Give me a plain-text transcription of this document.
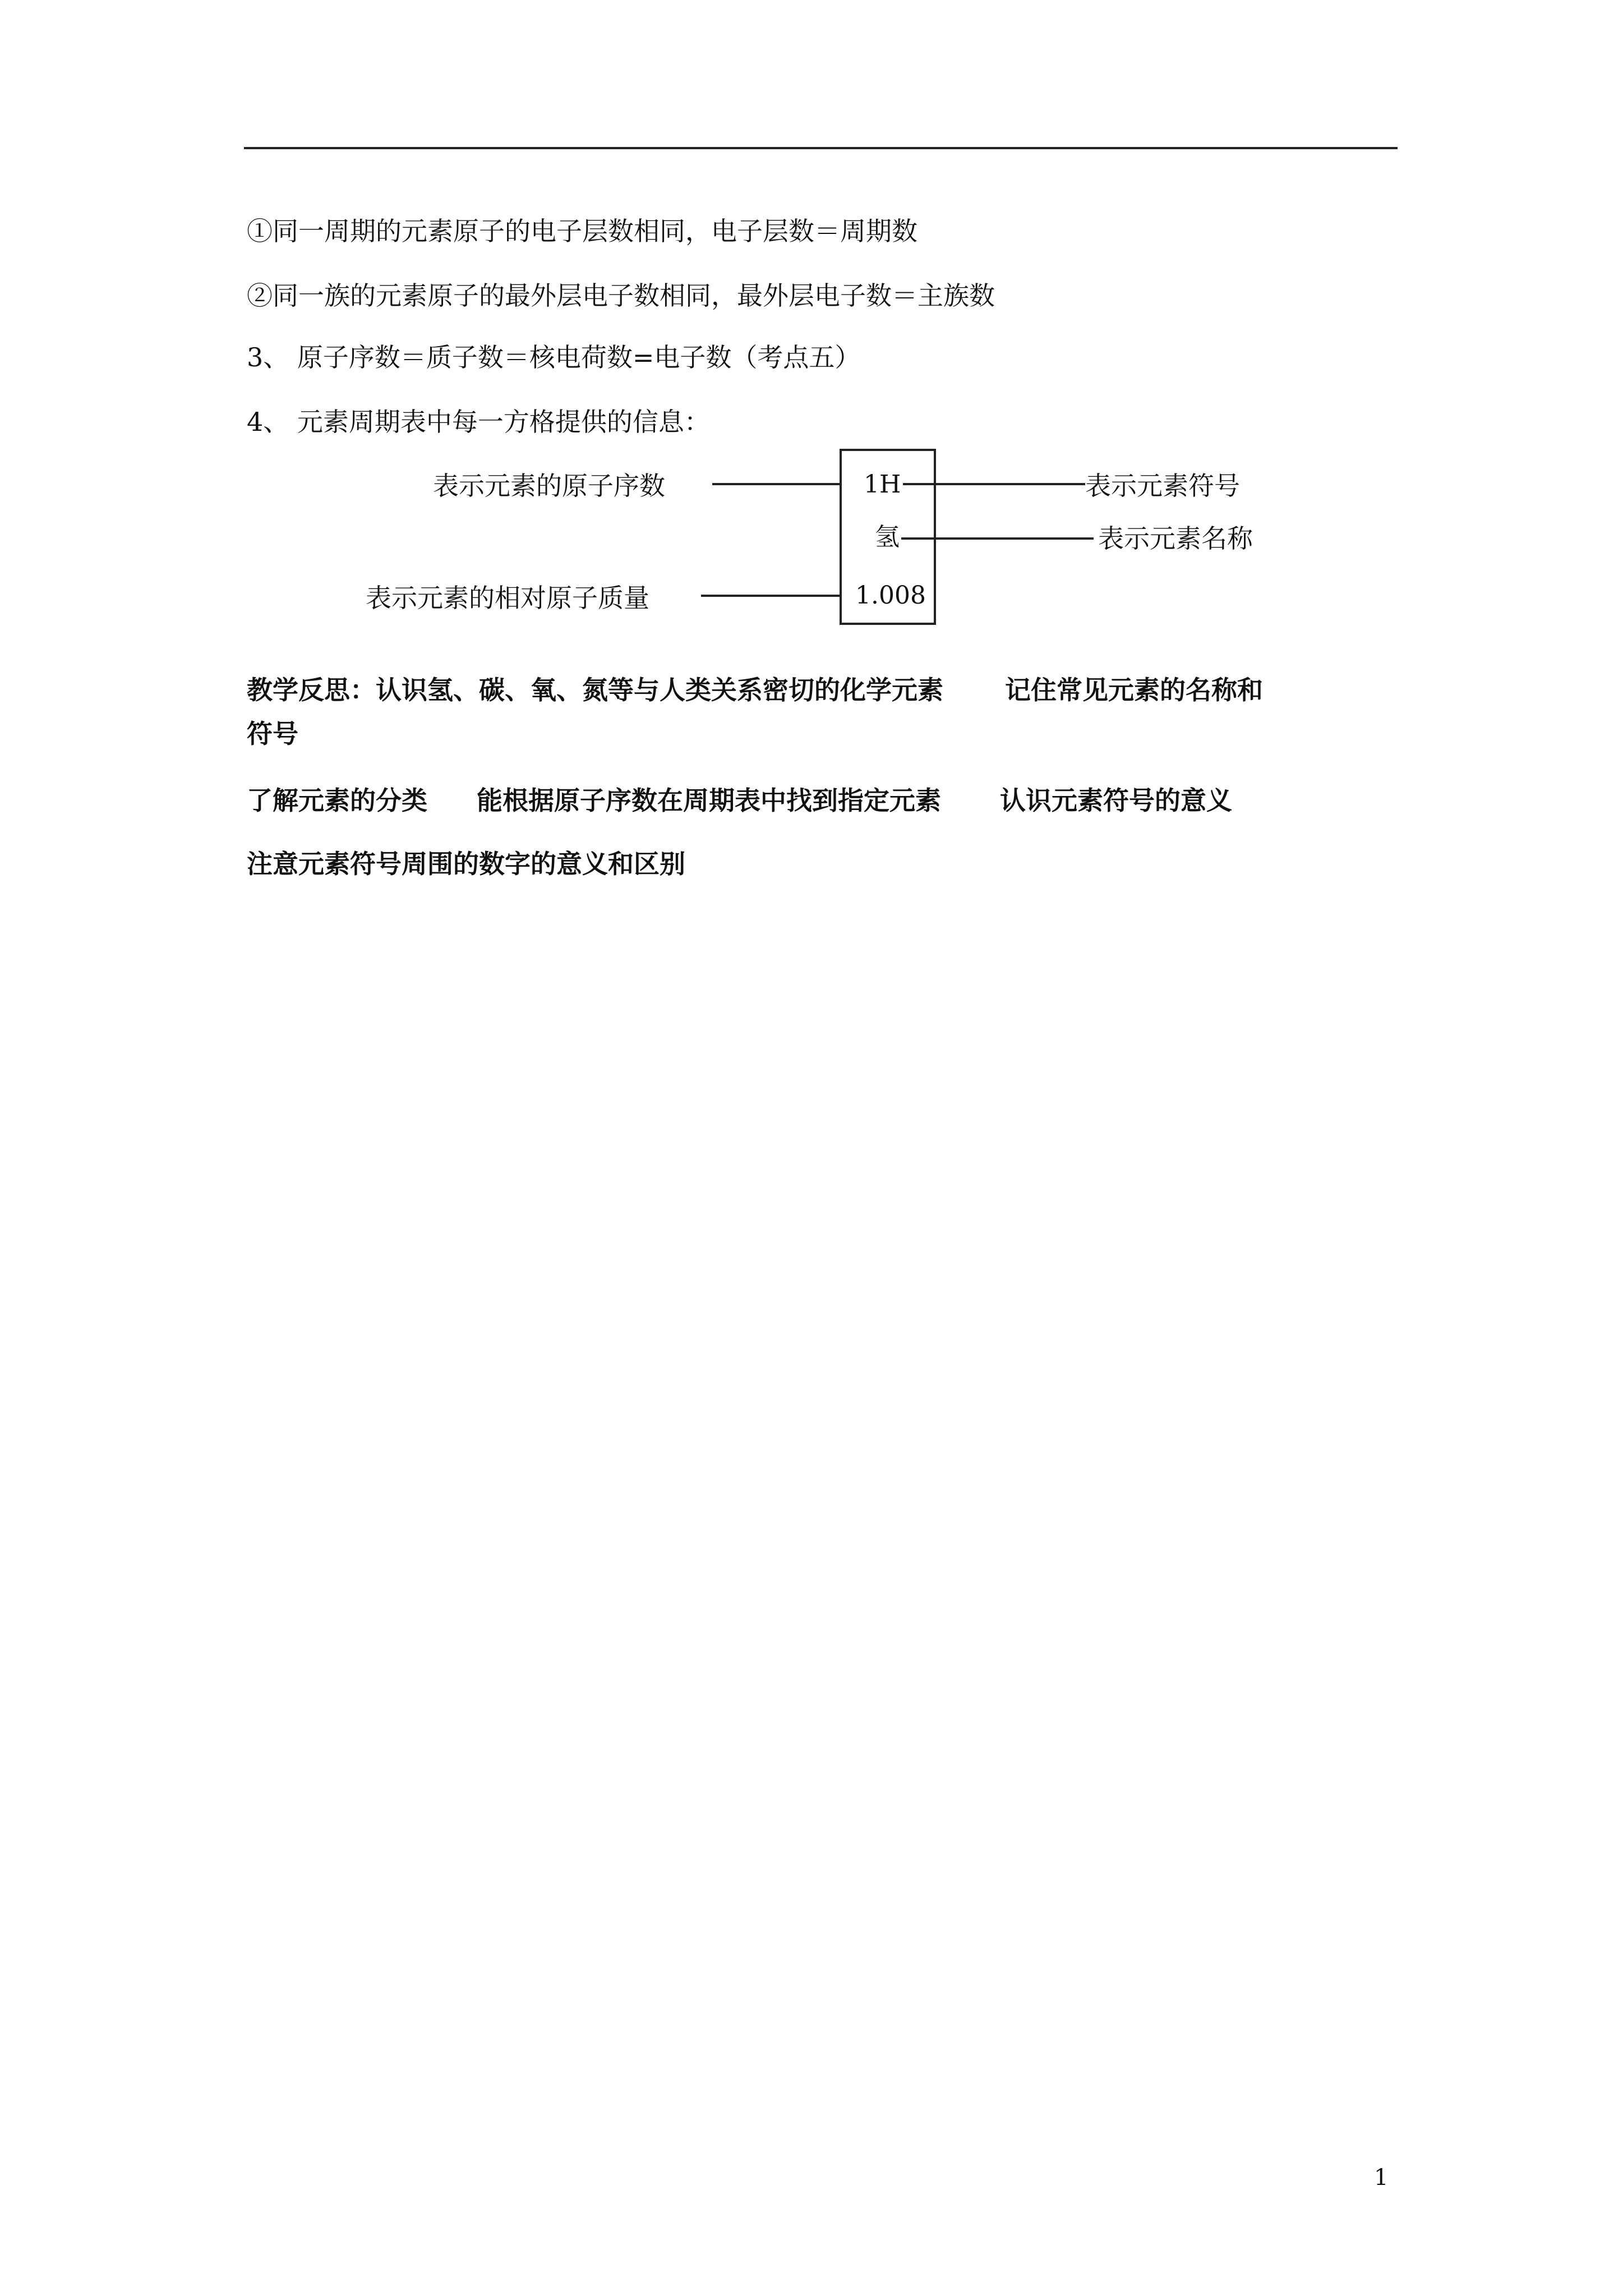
①同一周期的元素原子的电子层数相同，电子层数＝周期数
②同一族的元素原子的最外层电子数相同，最外层电子数＝主族数
3、 原子序数＝质子数＝核电荷数=电子数（考点五）
4、 元素周期表中每一方格提供的信息：
表示元素的原子序数	表示元素符号
表示元素名称
表示元素的相对原子质量
1H
氢
1.008
教学反思：认识氢、碳、氧、氮等与人类关系密切的化学元素 记住常见元素的名称和
符号
了解元素的分类 能根据原子序数在周期表中找到指定元素 认识元素符号的意义
注意元素符号周围的数字的意义和区别
1
